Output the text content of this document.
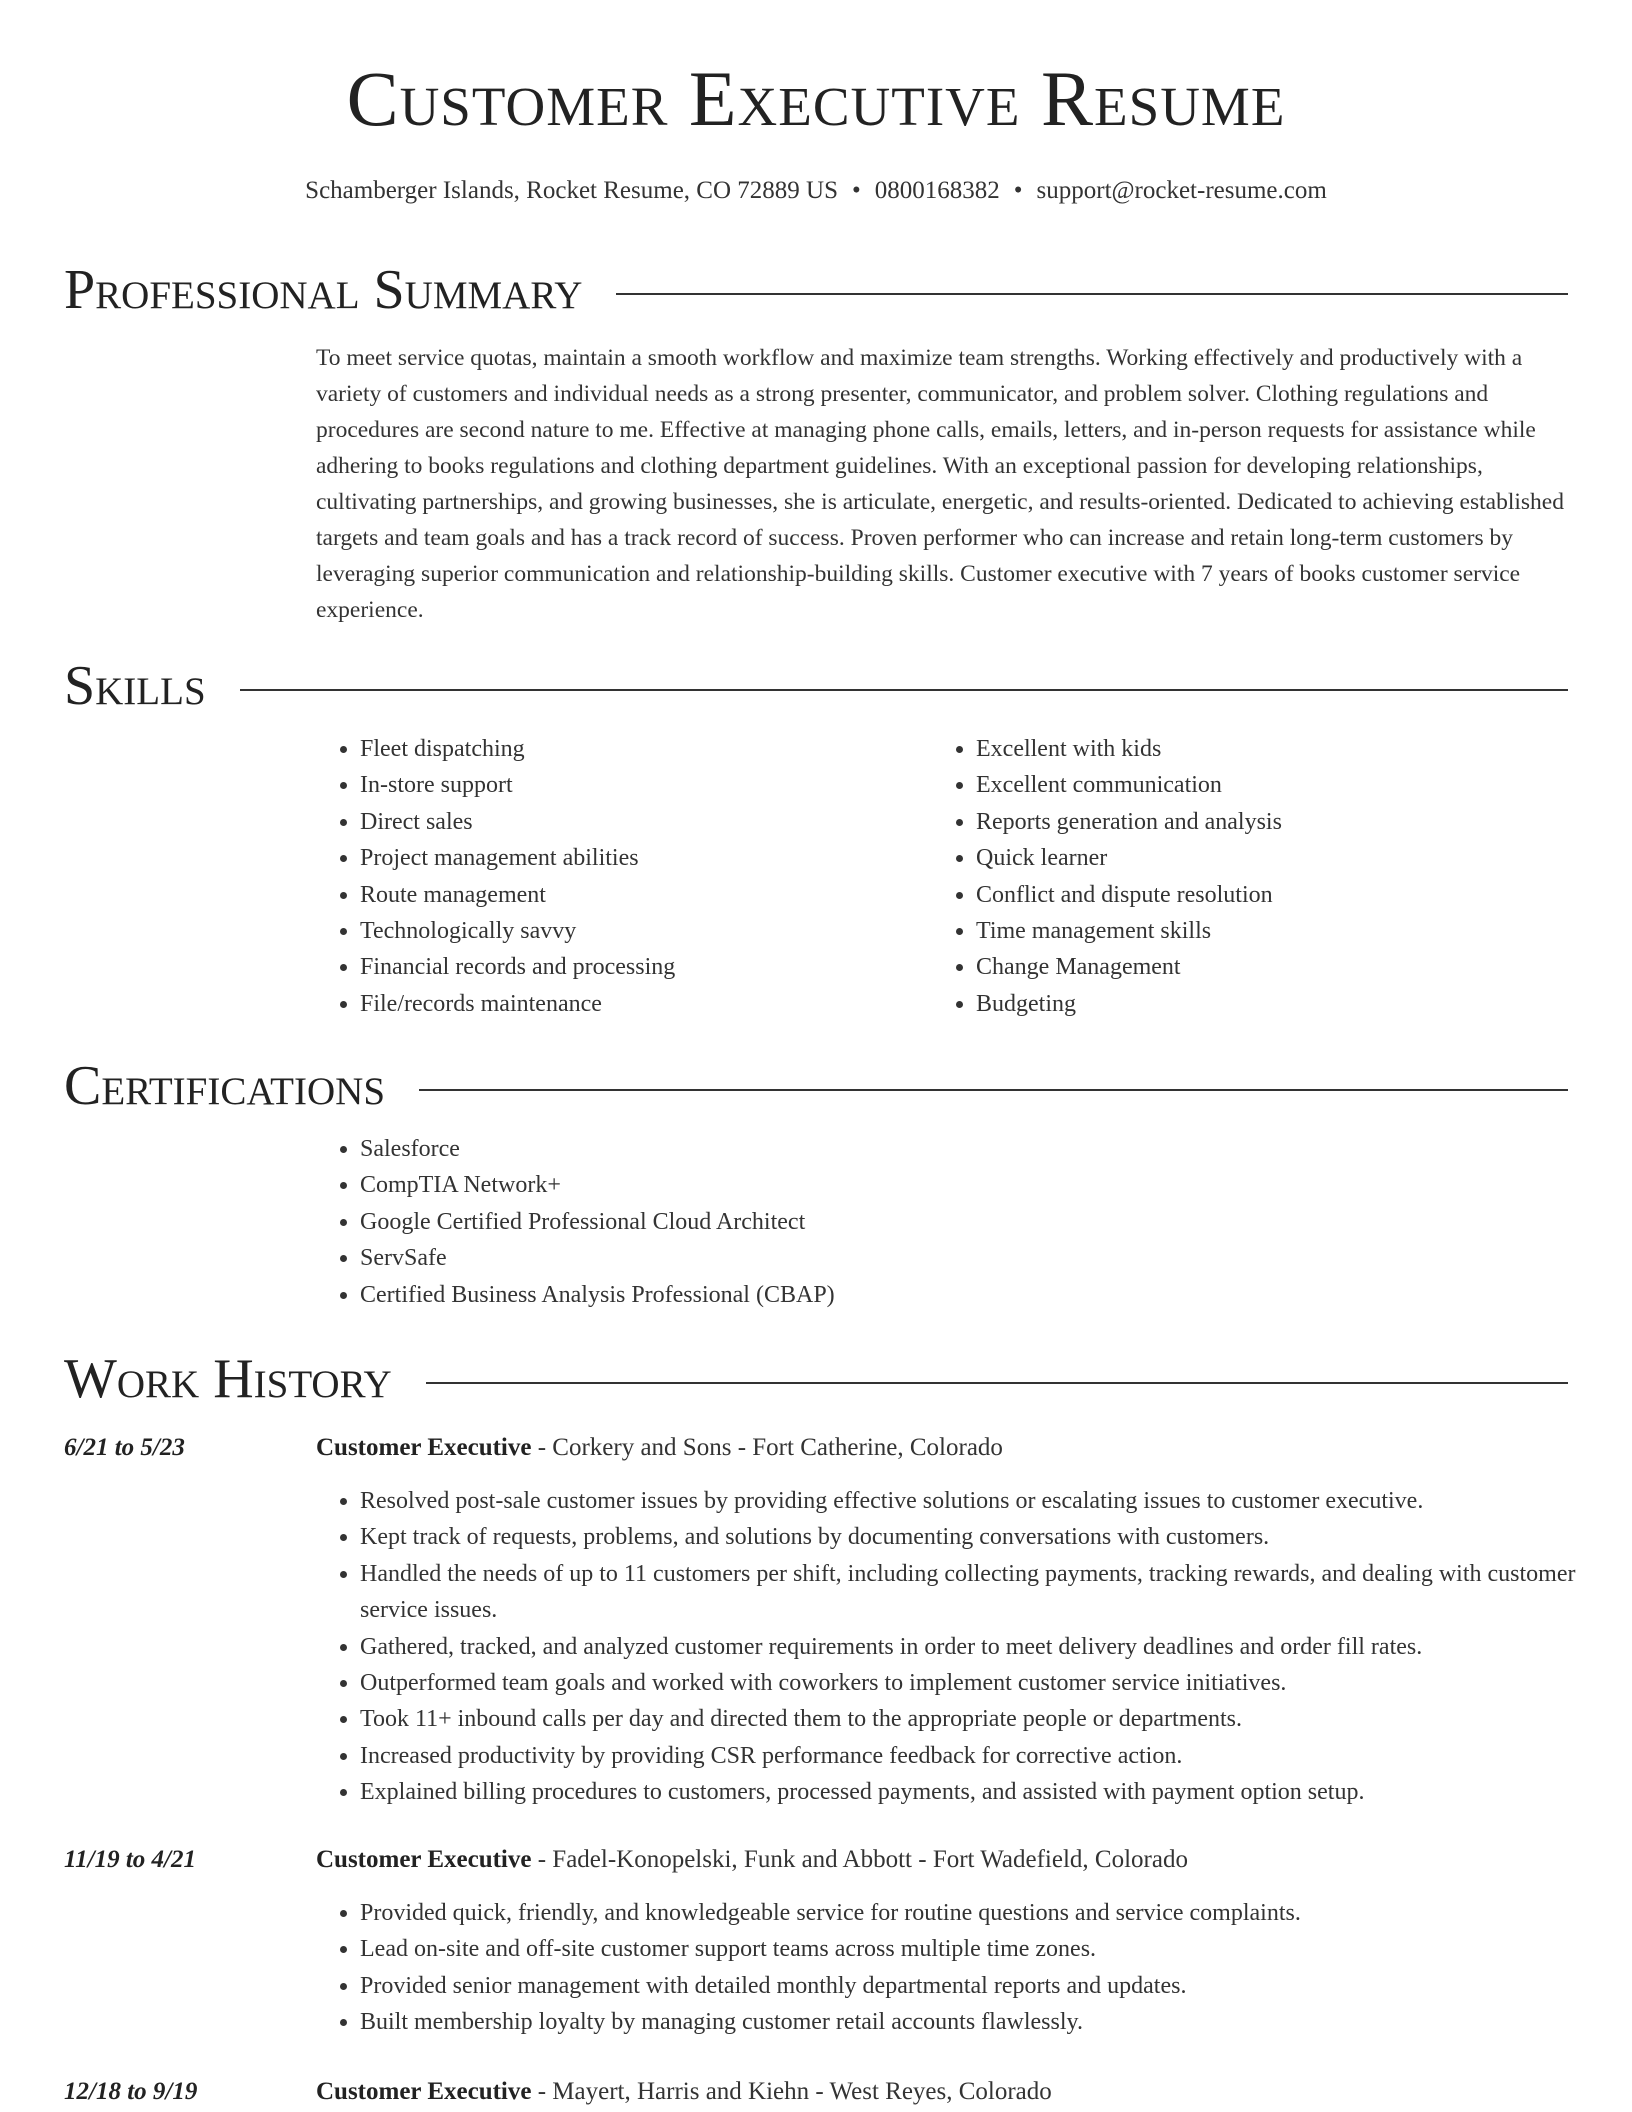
Customer Executive Resume
Schamberger Islands, Rocket Resume, CO 72889 US • 0800168382 • support@rocket-resume.com
Professional Summary

To meet service quotas, maintain a smooth workflow and maximize team strengths. Working effectively and productively with a variety of customers and individual needs as a strong presenter, communicator, and problem solver. Clothing regulations and procedures are second nature to me. Effective at managing phone calls, emails, letters, and in-person requests for assistance while adhering to books regulations and clothing department guidelines. With an exceptional passion for developing relationships, cultivating partnerships, and growing businesses, she is articulate, energetic, and results-oriented. Dedicated to achieving established targets and team goals and has a track record of success. Proven performer who can increase and retain long-term customers by leveraging superior communication and relationship-building skills. Customer executive with 7 years of books customer service experience.

Skills
• Fleet dispatching
• In-store support
• Direct sales
• Project management abilities
• Route management
• Technologically savvy
• Financial records and processing
• File/records maintenance
• Excellent with kids
• Excellent communication
• Reports generation and analysis
• Quick learner
• Conflict and dispute resolution
• Time management skills
• Change Management
• Budgeting
Certifications
• Salesforce
• CompTIA Network+
• Google Certified Professional Cloud Architect
• ServSafe
• Certified Business Analysis Professional (CBAP)
Work History
6/21 to 5/23	Customer Executive - Corkery and Sons - Fort Catherine, Colorado
• Resolved post-sale customer issues by providing effective solutions or escalating issues to customer executive.
• Kept track of requests, problems, and solutions by documenting conversations with customers.
• Handled the needs of up to 11 customers per shift, including collecting payments, tracking rewards, and dealing with customer service issues.
• Gathered, tracked, and analyzed customer requirements in order to meet delivery deadlines and order fill rates.
• Outperformed team goals and worked with coworkers to implement customer service initiatives.
• Took 11+ inbound calls per day and directed them to the appropriate people or departments.
• Increased productivity by providing CSR performance feedback for corrective action.
• Explained billing procedures to customers, processed payments, and assisted with payment option setup.
11/19 to 4/21	Customer Executive - Fadel-Konopelski, Funk and Abbott - Fort Wadefield, Colorado
• Provided quick, friendly, and knowledgeable service for routine questions and service complaints.
• Lead on-site and off-site customer support teams across multiple time zones.
• Provided senior management with detailed monthly departmental reports and updates.
• Built membership loyalty by managing customer retail accounts flawlessly.
12/18 to 9/19	Customer Executive - Mayert, Harris and Kiehn - West Reyes, Colorado
